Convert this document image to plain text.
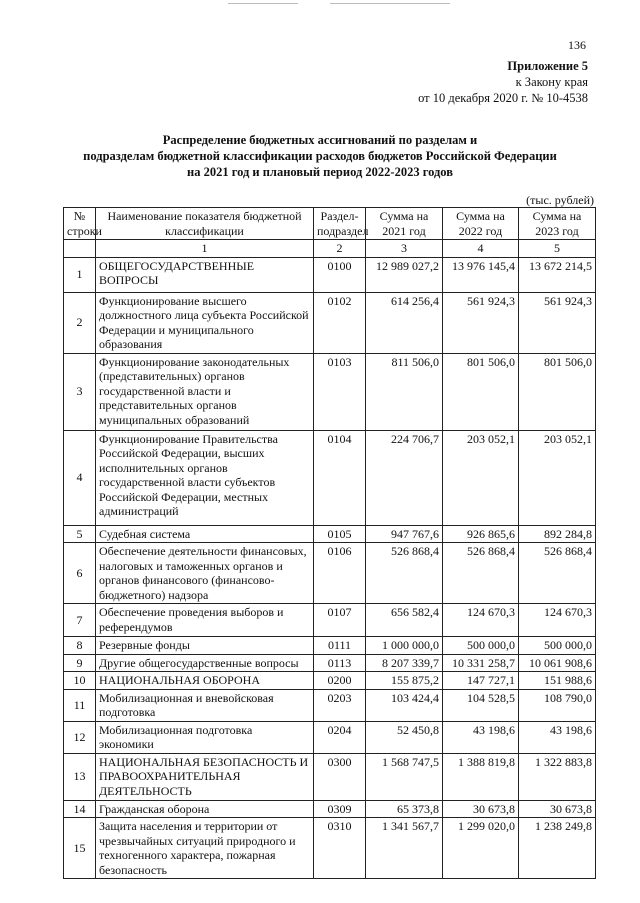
136
Приложение 5
к Закону края
от 10 декабря 2020 г. № 10-4538
Распределение бюджетных ассигнований по разделам и
подразделам бюджетной классификации расходов бюджетов Российской Федерации
на 2021 год и плановый период 2022-2023 годов
(тыс. рублей)
№ строки	Наименование показателя бюджетной классификации	Раздел-подраздел	Сумма на 2021 год	Сумма на 2022 год	Сумма на 2023 год
	1	2	3	4	5
1	ОБЩЕГОСУДАРСТВЕННЫЕ ВОПРОСЫ	0100	12 989 027,2	13 976 145,4	13 672 214,5
2	Функционирование высшего должностного лица субъекта Российской Федерации и муниципального образования	0102	614 256,4	561 924,3	561 924,3
3	Функционирование законодательных (представительных) органов государственной власти и представительных органов муниципальных образований	0103	811 506,0	801 506,0	801 506,0
4	Функционирование Правительства Российской Федерации, высших исполнительных органов государственной власти субъектов Российской Федерации, местных администраций	0104	224 706,7	203 052,1	203 052,1
5	Судебная система	0105	947 767,6	926 865,6	892 284,8
6	Обеспечение деятельности финансовых, налоговых и таможенных органов и органов финансового (финансово-бюджетного) надзора	0106	526 868,4	526 868,4	526 868,4
7	Обеспечение проведения выборов и референдумов	0107	656 582,4	124 670,3	124 670,3
8	Резервные фонды	0111	1 000 000,0	500 000,0	500 000,0
9	Другие общегосударственные вопросы	0113	8 207 339,7	10 331 258,7	10 061 908,6
10	НАЦИОНАЛЬНАЯ ОБОРОНА	0200	155 875,2	147 727,1	151 988,6
11	Мобилизационная и вневойсковая подготовка	0203	103 424,4	104 528,5	108 790,0
12	Мобилизационная подготовка экономики	0204	52 450,8	43 198,6	43 198,6
13	НАЦИОНАЛЬНАЯ БЕЗОПАСНОСТЬ И ПРАВООХРАНИТЕЛЬНАЯ ДЕЯТЕЛЬНОСТЬ	0300	1 568 747,5	1 388 819,8	1 322 883,8
14	Гражданская оборона	0309	65 373,8	30 673,8	30 673,8
15	Защита населения и территории от чрезвычайных ситуаций природного и техногенного характера, пожарная безопасность	0310	1 341 567,7	1 299 020,0	1 238 249,8
